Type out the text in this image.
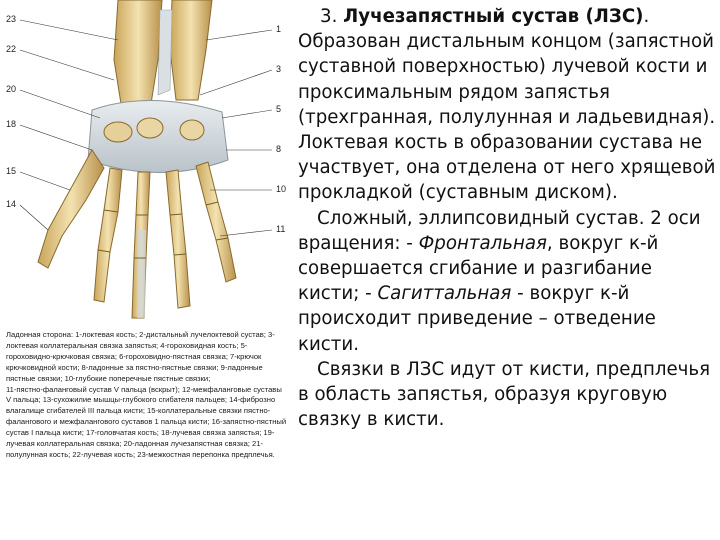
23
22
20
18
15
14
1
3
5
8
10
11
Ладонная сторона: 1-локтевая кость; 2-дистальный лучелоктевой сустав; 3-локтевая коллатеральная связка запястья; 4-гороховидная кость; 5-гороховидно-крючковая связка; 6-гороховидно-пястная связка; 7-крючок крючковидной кости; 8-ладонные за пястно-пястные связки; 9-ладонные пястные связки; 10-глубокие поперечные пястные связки;
11-пястно-фаланговый сустав V пальца (вскрыт); 12-межфаланговые суставы V пальца; 13-сухожилие мышцы-глубокого сгибателя пальцев; 14-фиброзно влагалище сгибателей III пальца кисти; 15-коллатеральные связки пястно-фалангового и межфалангового суставов 1 пальца кисти; 16-запястно-пястный сустав I пальца кисти; 17-головчатая кость; 18-лучевая связка запястья; 19-лучевая коллатеральная связка; 20-ладонная лучезапястная связка; 21-полулунная кость; 22-лучевая кость; 23-межкостная перепонка предплечья.

3. Лучезапястный сустав (ЛЗС).

Образован дистальным концом (запястной суставной поверхностью) лучевой кости и проксимальным рядом запястья (трехгранная, полулунная и ладьевидная). Локтевая кость в образовании сустава не участвует, она отделена от него хрящевой прокладкой (суставным диском).

Сложный, эллипсовидный сустав. 2 оси вращения: - Фронтальная, вокруг к-й совершается сгибание и разгибание кисти; - Сагиттальная - вокруг к-й происходит приведение – отведение кисти.

Связки в ЛЗС идут от кисти, предплечья в область запястья, образуя круговую связку в кисти.
